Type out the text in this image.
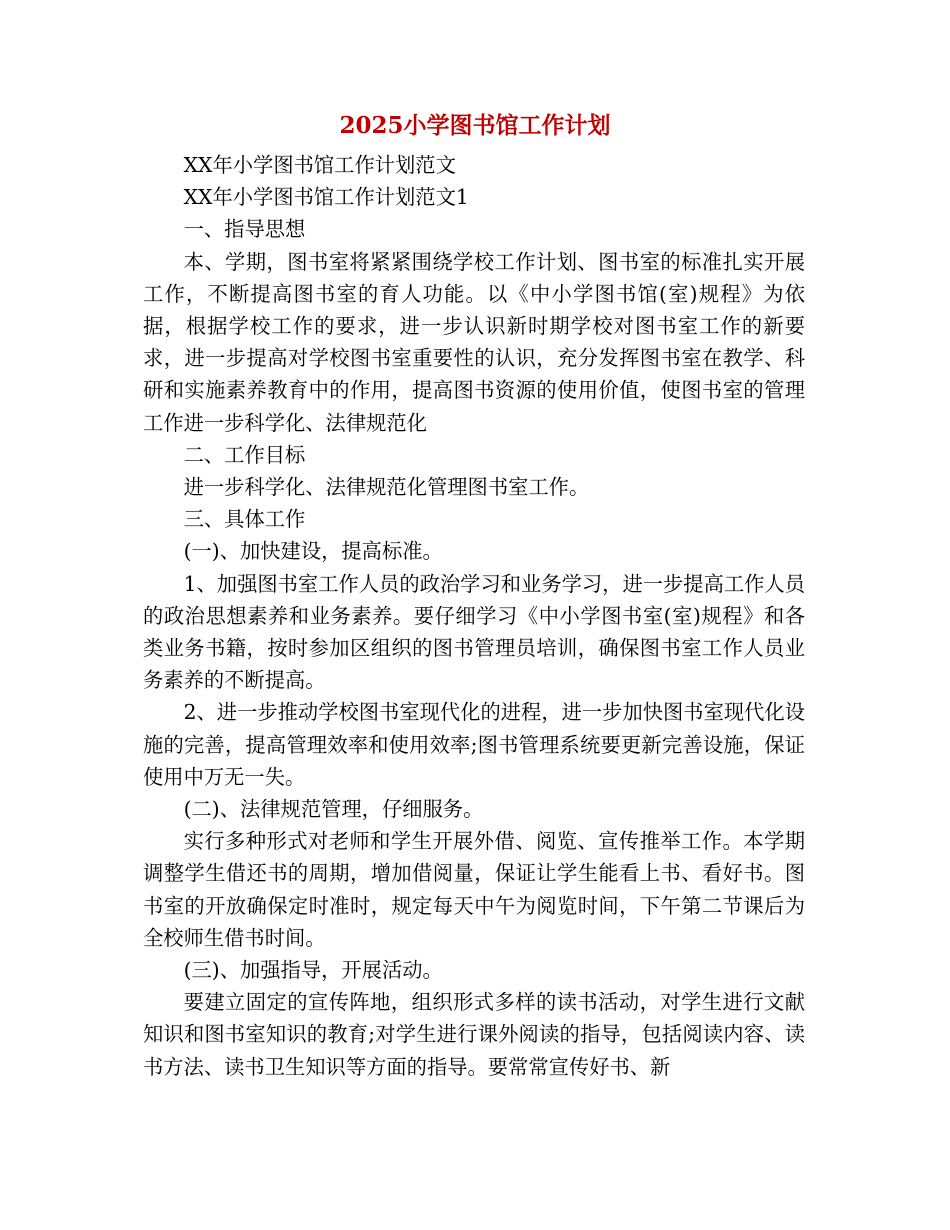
2025小学图书馆工作计划

XX年小学图书馆工作计划范文

XX年小学图书馆工作计划范文1

一、指导思想

本、学期，图书室将紧紧围绕学校工作计划、图书室的标准扎实开展工作，不断提高图书室的育人功能。以《中小学图书馆(室)规程》为依据，根据学校工作的要求，进一步认识新时期学校对图书室工作的新要求，进一步提高对学校图书室重要性的认识，充分发挥图书室在教学、科研和实施素养教育中的作用，提高图书资源的使用价值，使图书室的管理工作进一步科学化、法律规范化

二、工作目标

进一步科学化、法律规范化管理图书室工作。

三、具体工作

(一)、加快建设，提高标准。

1、加强图书室工作人员的政治学习和业务学习，进一步提高工作人员的政治思想素养和业务素养。要仔细学习《中小学图书室(室)规程》和各类业务书籍，按时参加区组织的图书管理员培训，确保图书室工作人员业务素养的不断提高。

2、进一步推动学校图书室现代化的进程，进一步加快图书室现代化设施的完善，提高管理效率和使用效率;图书管理系统要更新完善设施，保证使用中万无一失。

(二)、法律规范管理，仔细服务。

实行多种形式对老师和学生开展外借、阅览、宣传推举工作。本学期调整学生借还书的周期，增加借阅量，保证让学生能看上书、看好书。图书室的开放确保定时准时，规定每天中午为阅览时间，下午第二节课后为全校师生借书时间。

(三)、加强指导，开展活动。

要建立固定的宣传阵地，组织形式多样的读书活动，对学生进行文献知识和图书室知识的教育;对学生进行课外阅读的指导，包括阅读内容、读书方法、读书卫生知识等方面的指导。要常常宣传好书、新
